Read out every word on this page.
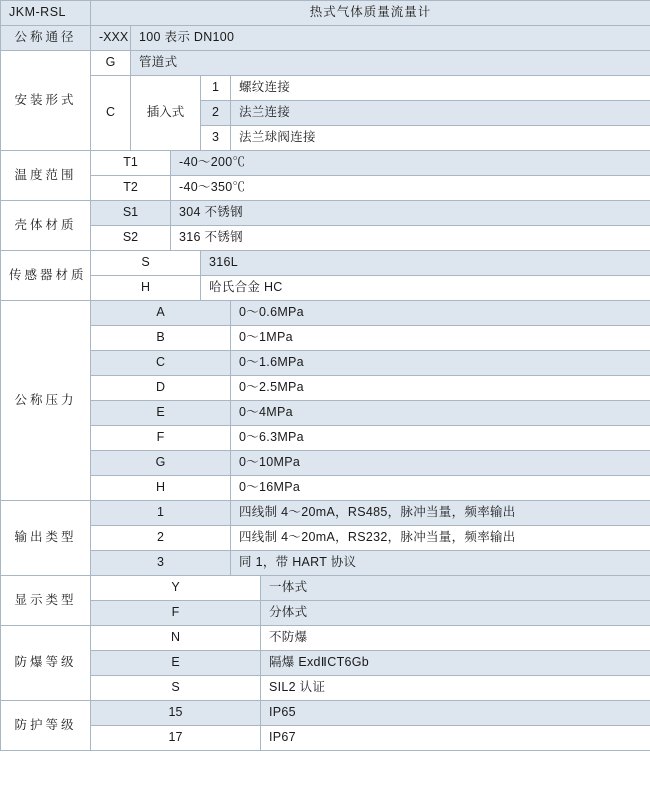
JKM-RSL	热式气体质量流量计					
公称通径	-XXX	100 表示 DN100				
安装形式	G	管道式				
	C	插入式		1	螺纹连接	
				2	法兰连接	
				3	法兰球阀连接	
温度范围	T1		-40～200℃			
	T2		-40～350℃			
壳体材质	S1		304 不锈钢			
	S2		316 不锈钢			
传感器材质	S			316L		
	H			哈氏合金 HC		
公称压力	A				0～0.6MPa	
	B				0～1MPa	
	C				0～1.6MPa	
	D				0～2.5MPa	
	E				0～4MPa	
	F				0～6.3MPa	
	G				0～10MPa	
	H				0～16MPa	
输出类型	1				四线制 4～20mA，RS485，脉冲当量，频率输出	
	2				四线制 4～20mA，RS232，脉冲当量，频率输出	
	3				同 1，带 HART 协议	
显示类型	Y					一体式
	F					分体式
防爆等级	N					不防爆
	E					隔爆 ExdⅡCT6Gb
	S					SIL2 认证
防护等级	15					IP65
	17					IP67
